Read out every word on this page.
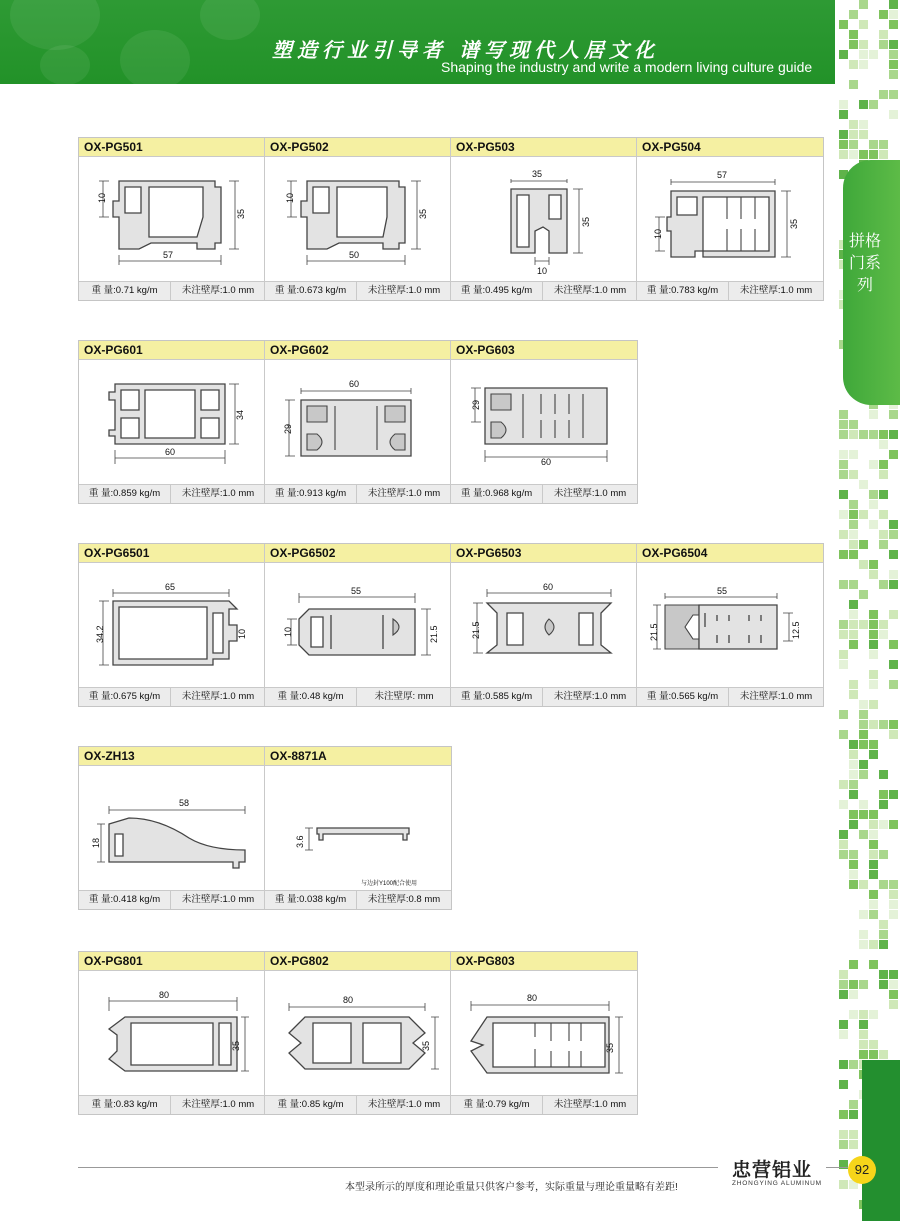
塑造行业引导者 谱写现代人居文化
Shaping the industry and write a modern living culture guide
拼格门系列
OX-PG501
57
35
10
重 量:0.71 kg/m	未注壁厚:1.0 mm
OX-PG502
50
35
10
重 量:0.673 kg/m	未注壁厚:1.0 mm
OX-PG503
35
35
10
重 量:0.495 kg/m	未注壁厚:1.0 mm
OX-PG504
57
10
35
重 量:0.783 kg/m	未注壁厚:1.0 mm
OX-PG601
60
34
重 量:0.859 kg/m	未注壁厚:1.0 mm
OX-PG602
60
29
重 量:0.913 kg/m	未注壁厚:1.0 mm
OX-PG603
60
29
重 量:0.968 kg/m	未注壁厚:1.0 mm
OX-PG6501
65
34.2	10
重 量:0.675 kg/m	未注壁厚:1.0 mm
OX-PG6502
55
10	21.5
重 量:0.48 kg/m	未注壁厚: mm
OX-PG6503
60
21.5
重 量:0.585 kg/m	未注壁厚:1.0 mm
OX-PG6504
55
21.5	12.5
重 量:0.565 kg/m	未注壁厚:1.0 mm
OX-ZH13
58
18
重 量:0.418 kg/m	未注壁厚:1.0 mm
OX-8871A
3.6
与边封Y100配合使用
重 量:0.038 kg/m	未注壁厚:0.8 mm
OX-PG801
80
35
重 量:0.83 kg/m	未注壁厚:1.0 mm
OX-PG802
80
35
重 量:0.85 kg/m	未注壁厚:1.0 mm
OX-PG803
80
35
重 量:0.79 kg/m	未注壁厚:1.0 mm
忠营铝业
ZHONGYING ALUMINUM
本型录所示的厚度和理论重量只供客户参考，实际重量与理论重量略有差距!
92
